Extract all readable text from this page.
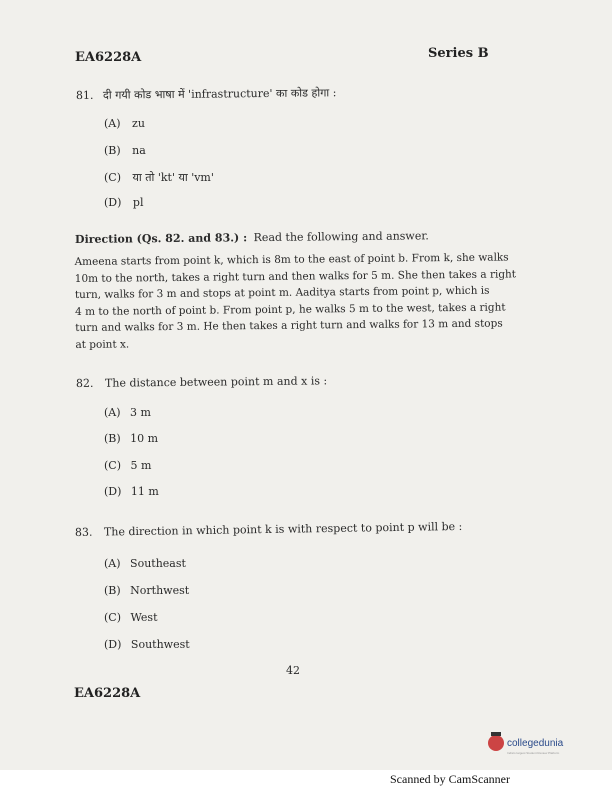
EA6228A	Series B
81. दी गयी कोड भाषा में 'infrastructure' का कोड होगा :
(A) zu
(B) na
(C) या तो 'kt' या 'vm'
(D) pl
Direction (Qs. 82. and 83.) : Read the following and answer.
Ameena starts from point k, which is 8m to the east of point b. From k, she walks
10m to the north, takes a right turn and then walks for 5 m. She then takes a right
turn, walks for 3 m and stops at point m. Aaditya starts from point p, which is
4 m to the north of point b. From point p, he walks 5 m to the west, takes a right
turn and walks for 3 m. He then takes a right turn and walks for 13 m and stops
at point x.
82. The distance between point m and x is :
(A) 3 m
(B) 10 m
(C) 5 m
(D) 11 m
83. The direction in which point k is with respect to point p will be :
(A) Southeast
(B) Northwest
(C) West
(D) Southwest
42
EA6228A
collegedunia
India's largest Student Review Platform
Scanned by CamScanner
